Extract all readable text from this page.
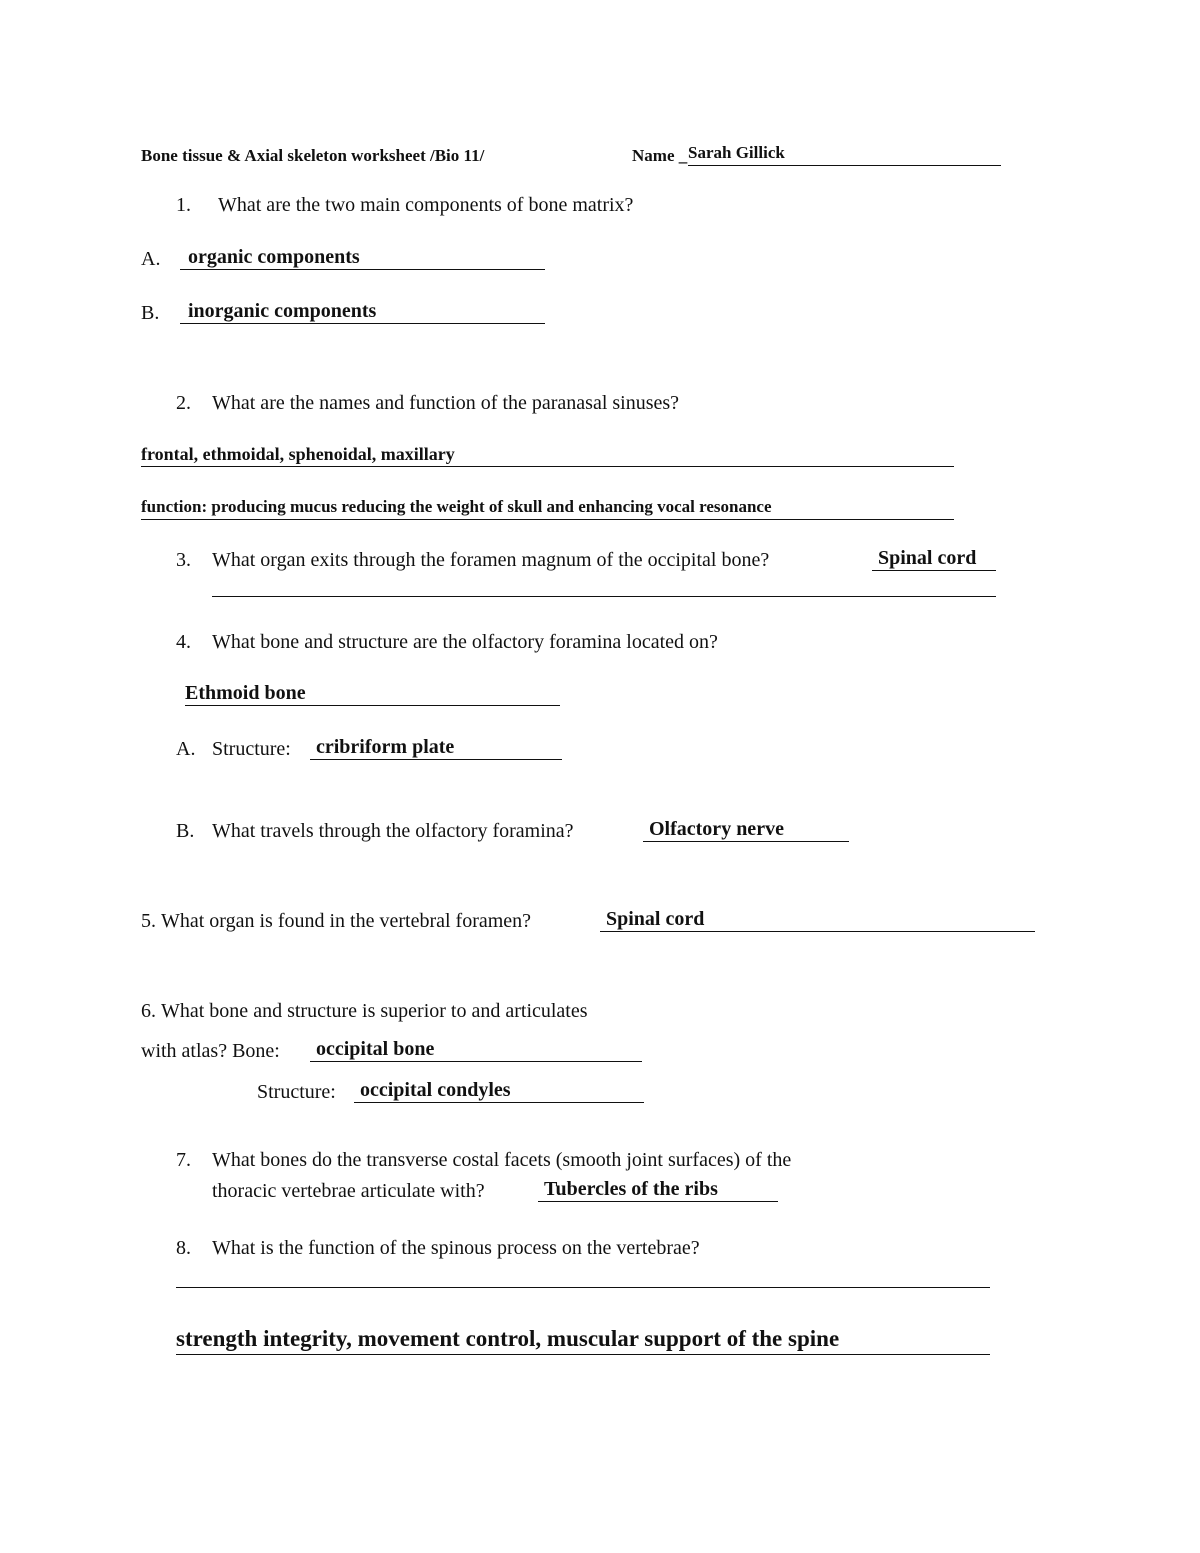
Bone tissue & Axial skeleton worksheet /Bio 11/	Name _ Sarah Gillick
1. What are the two main components of bone matrix?
A.	organic components
B.	inorganic components
2. What are the names and function of the paranasal sinuses?
frontal, ethmoidal, sphenoidal, maxillary
function: producing mucus reducing the weight of skull and enhancing vocal resonance
3. What organ exits through the foramen magnum of the occipital bone?	Spinal cord
4. What bone and structure are the olfactory foramina located on?
Ethmoid bone
A. Structure:	cribriform plate
B. What travels through the olfactory foramina?	Olfactory nerve
5. What organ is found in the vertebral foramen?	Spinal cord
6. What bone and structure is superior to and articulates
with atlas? Bone:	occipital bone
Structure:	occipital condyles
7. What bones do the transverse costal facets (smooth joint surfaces) of the
thoracic vertebrae articulate with?	Tubercles of the ribs
8. What is the function of the spinous process on the vertebrae?
strength integrity, movement control, muscular support of the spine
